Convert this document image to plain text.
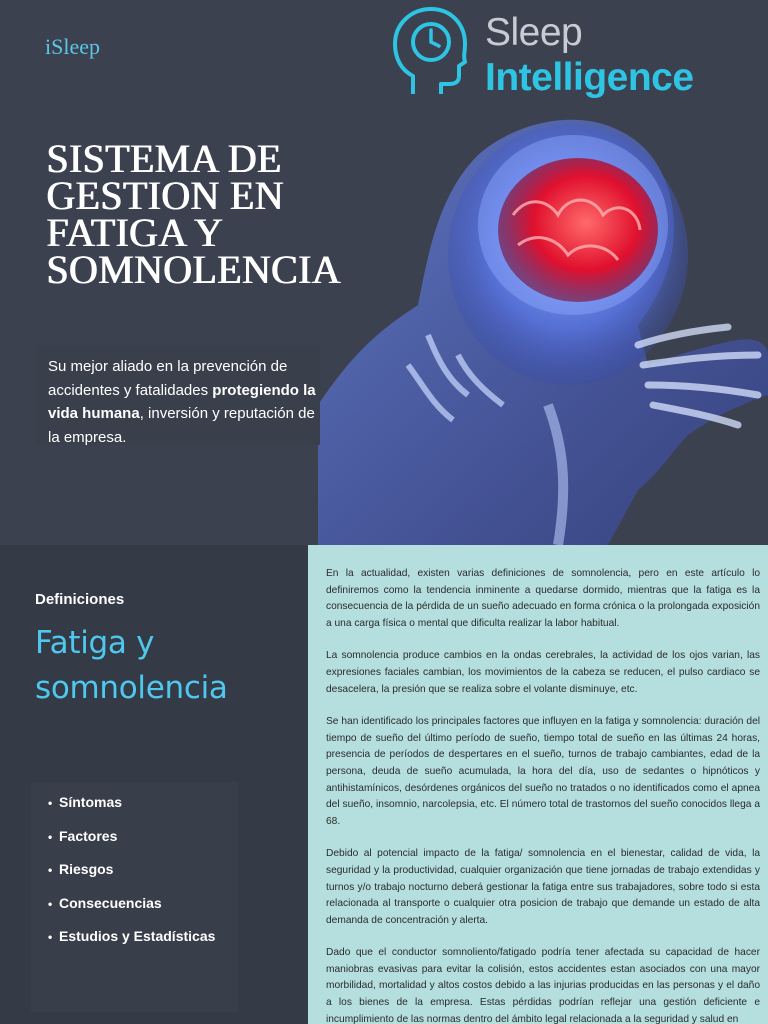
iSleep	Sleep
Intelligence
SISTEMA DE
GESTION EN
FATIGA Y
SOMNOLENCIA
Su mejor aliado en la prevención de accidentes y fatalidades protegiendo la vida humana, inversión y reputación de la empresa.
Definiciones
Fatiga y
somnolencia
• Síntomas
• Factores
• Riesgos
• Consecuencias
• Estudios y Estadísticas

En la actualidad, existen varias definiciones de somnolencia, pero en este artículo lo definiremos como la tendencia inminente a quedarse dormido, mientras que la fatiga es la consecuencia de la pérdida de un sueño adecuado en forma crónica o la prolongada exposición a una carga física o mental que dificulta realizar la labor habitual.

La somnolencia produce cambios en la ondas cerebrales, la actividad de los ojos varian, las expresiones faciales cambian, los movimientos de la cabeza se reducen, el pulso cardiaco se desacelera, la presión que se realiza sobre el volante disminuye, etc.

Se han identificado los principales factores que influyen en la fatiga y somnolencia: duración del tiempo de sueño del último período de sueño, tiempo total de sueño en las últimas 24 horas, presencia de períodos de despertares en el sueño, turnos de trabajo cambiantes, edad de la persona, deuda de sueño acumulada, la hora del día, uso de sedantes o hipnóticos y antihistamínicos, desórdenes orgánicos del sueño no tratados o no identificados como el apnea del sueño, insomnio, narcolepsia, etc. El número total de trastornos del sueño conocidos llega a 68.

Debido al potencial impacto de la fatiga/ somnolencia en el bienestar, calidad de vida, la seguridad y la productividad, cualquier organización que tiene jornadas de trabajo extendidas y turnos y/o trabajo nocturno deberá gestionar la fatiga entre sus trabajadores, sobre todo si esta relacionada al transporte o cualquier otra posicion de trabajo que demande un estado de alta demanda de concentración y alerta.

Dado que el conductor somnoliento/fatigado podría tener afectada su capacidad de hacer maniobras evasivas para evitar la colisión, estos accidentes estan asociados con una mayor morbilidad, mortalidad y altos costos debido a las injurias producidas en las personas y el daño a los bienes de la empresa. Estas pérdidas podrían reflejar una gestión deficiente e incumplimiento de las normas dentro del ámbito legal relacionada a la seguridad y salud en
